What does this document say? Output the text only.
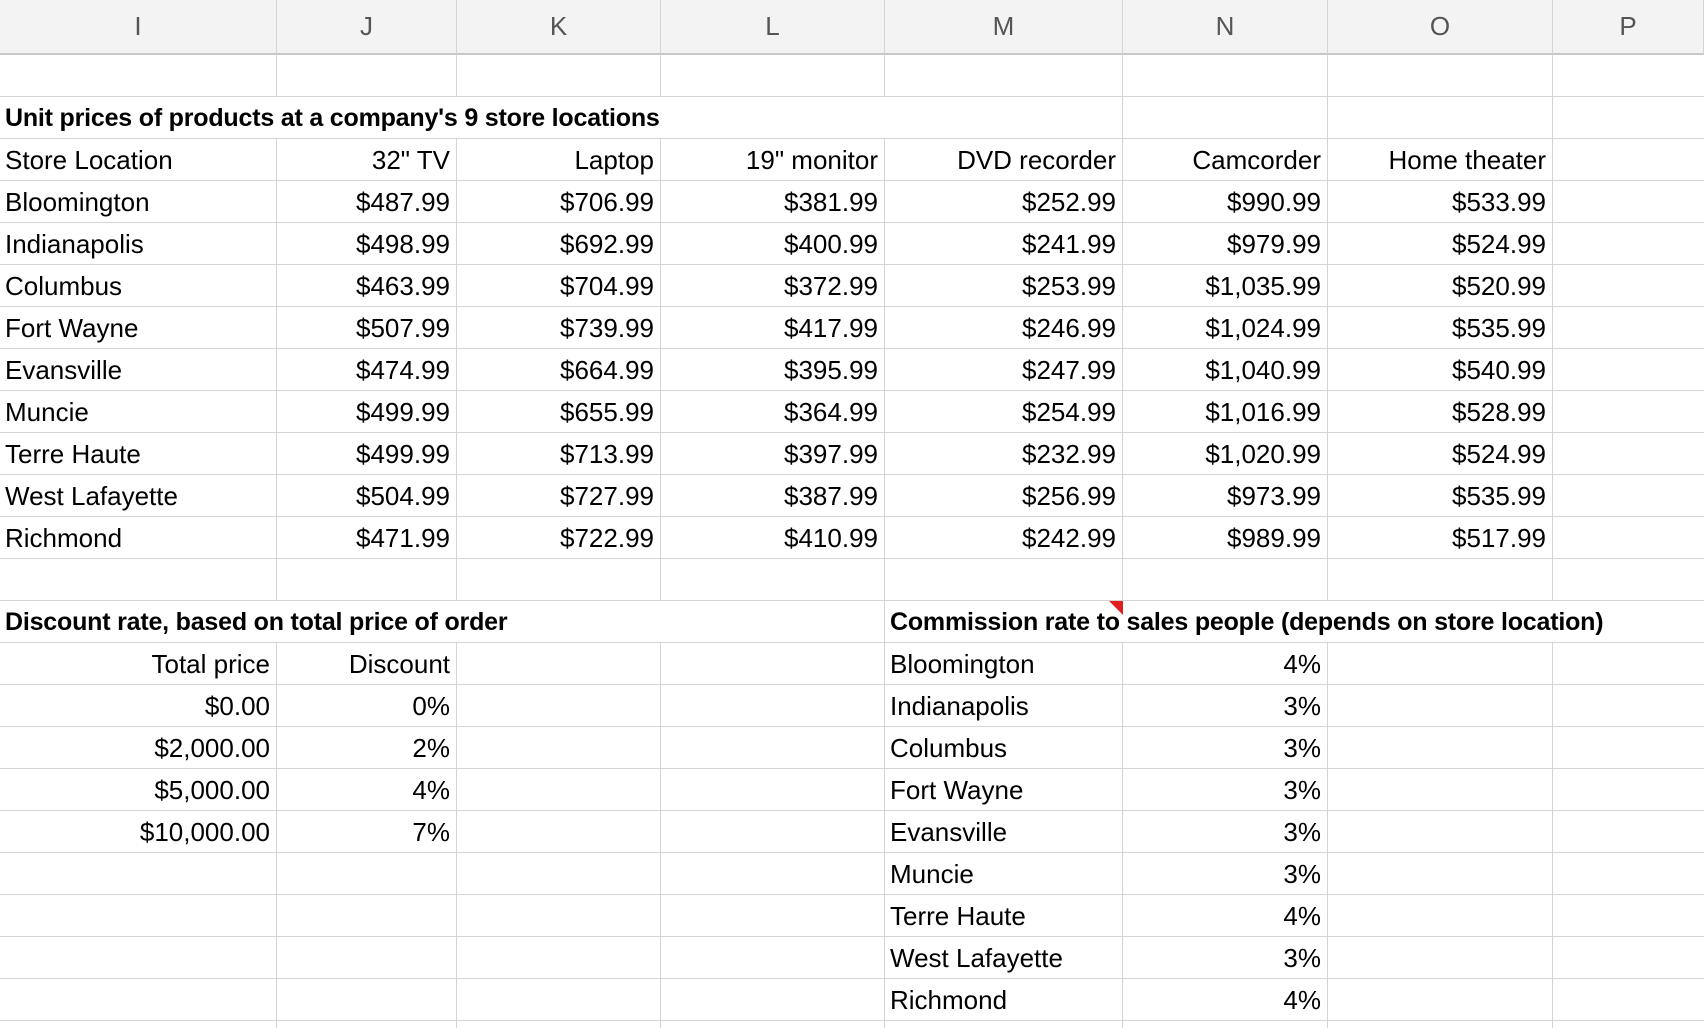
I	J	K	L	M	N	O	P
Unit prices of products at a company's 9 store locations
Store Location	32" TV	Laptop	19" monitor	DVD recorder	Camcorder	Home theater
Bloomington	$487.99	$706.99	$381.99	$252.99	$990.99	$533.99
Indianapolis	$498.99	$692.99	$400.99	$241.99	$979.99	$524.99
Columbus	$463.99	$704.99	$372.99	$253.99	$1,035.99	$520.99
Fort Wayne	$507.99	$739.99	$417.99	$246.99	$1,024.99	$535.99
Evansville	$474.99	$664.99	$395.99	$247.99	$1,040.99	$540.99
Muncie	$499.99	$655.99	$364.99	$254.99	$1,016.99	$528.99
Terre Haute	$499.99	$713.99	$397.99	$232.99	$1,020.99	$524.99
West Lafayette	$504.99	$727.99	$387.99	$256.99	$973.99	$535.99
Richmond	$471.99	$722.99	$410.99	$242.99	$989.99	$517.99
Discount rate, based on total price of order
Total price	Discount
$0.00	0%
$2,000.00	2%
$5,000.00	4%
$10,000.00	7%
Commission rate to sales people (depends on store location)
Bloomington	4%
Indianapolis	3%
Columbus	3%
Fort Wayne	3%
Evansville	3%
Muncie	3%
Terre Haute	4%
West Lafayette	3%
Richmond	4%
